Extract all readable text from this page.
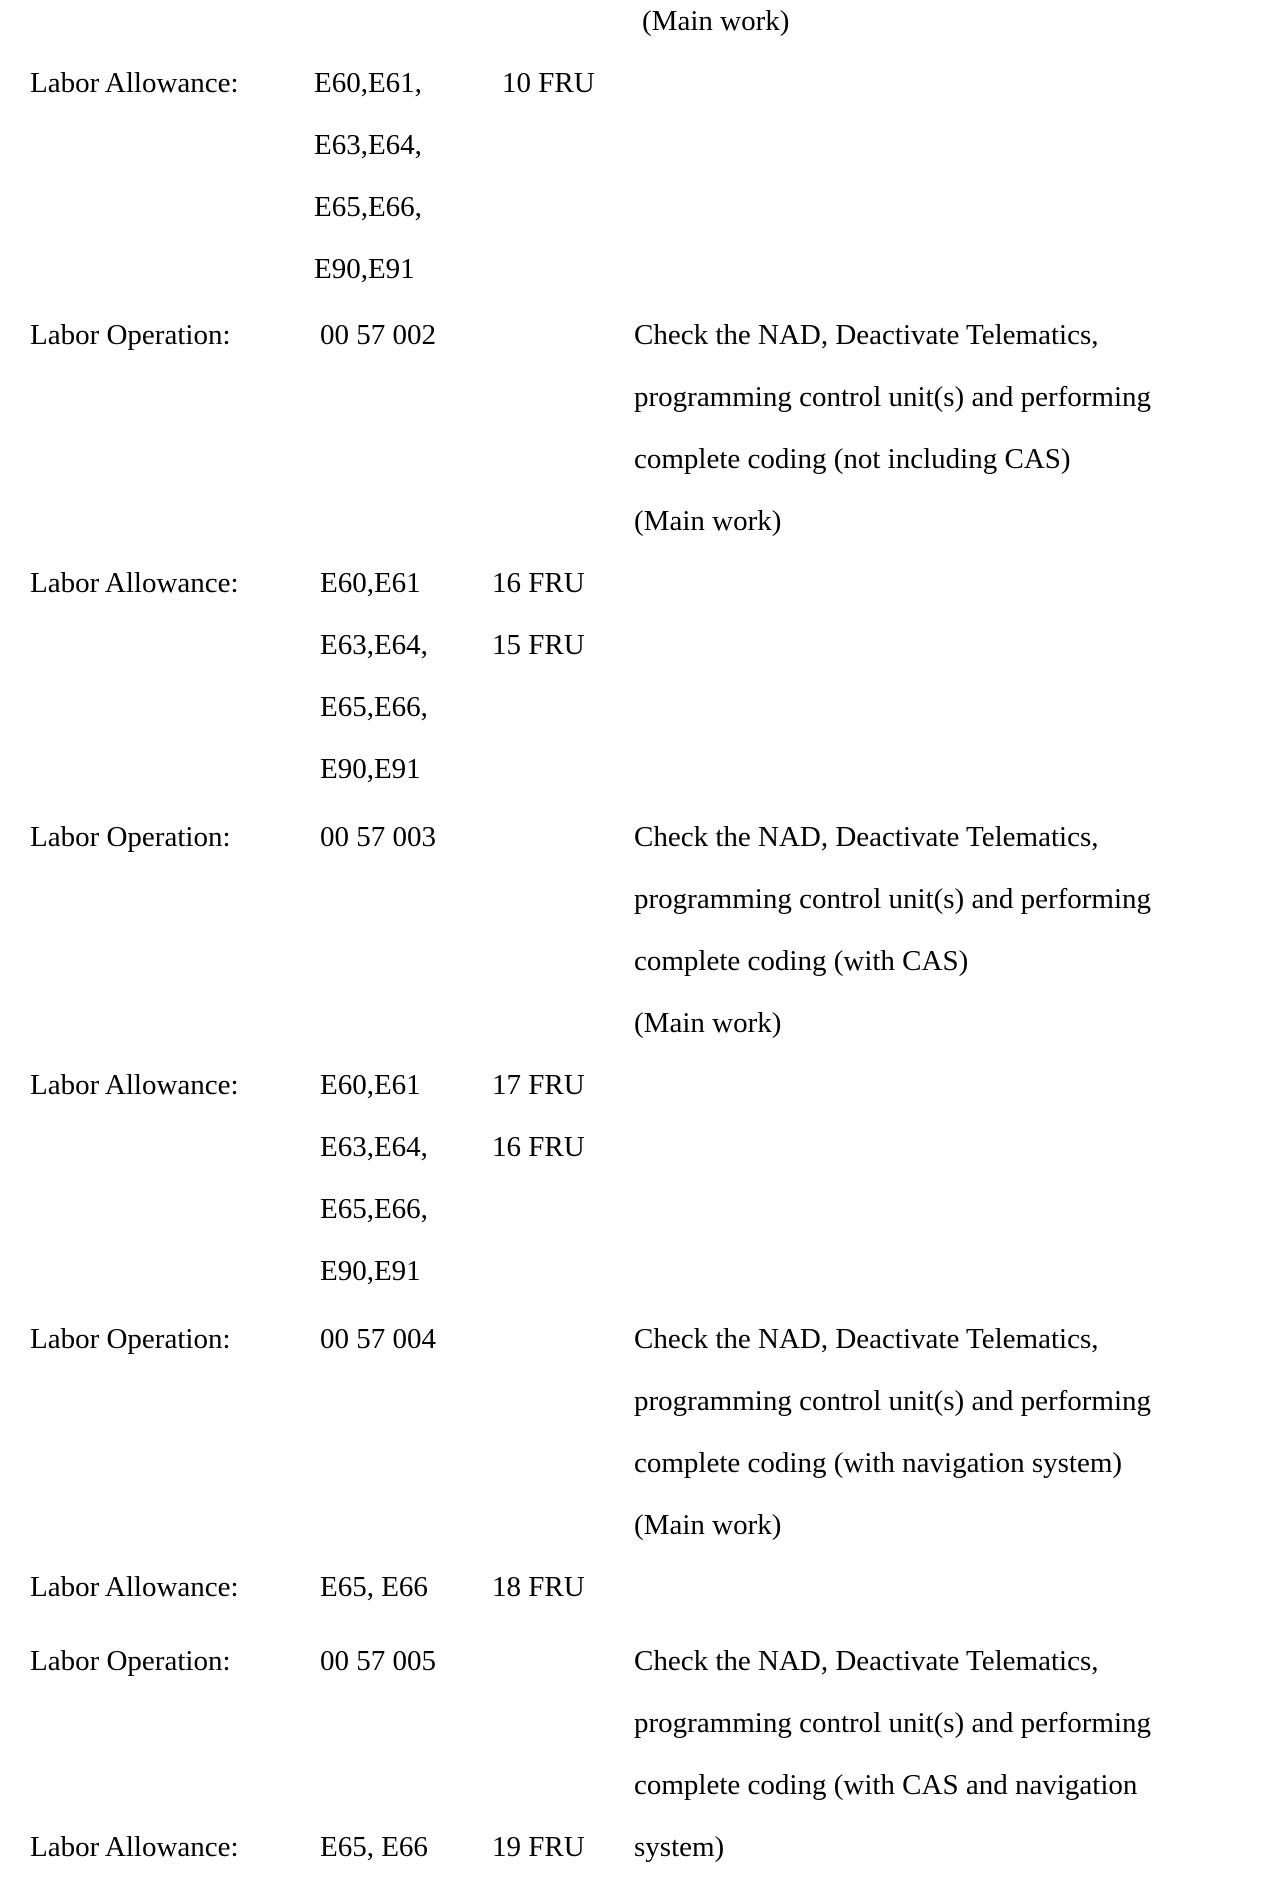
(Main work)
Labor Allowance:	E60,E61,	10 FRU
E63,E64,
E65,E66,
E90,E91
Labor Operation:	00 57 002	Check the NAD, Deactivate Telematics,
programming control unit(s) and performing
complete coding (not including CAS)
(Main work)
Labor Allowance:	E60,E61 16 FRU
E63,E64, 15 FRU
E65,E66,
E90,E91
Labor Operation:	00 57 003	Check the NAD, Deactivate Telematics,
programming control unit(s) and performing
complete coding (with CAS)
(Main work)
Labor Allowance:	E60,E61 17 FRU
E63,E64, 16 FRU
E65,E66,
E90,E91
Labor Operation:	00 57 004	Check the NAD, Deactivate Telematics,
programming control unit(s) and performing
complete coding (with navigation system)
(Main work)
Labor Allowance:	E65, E66 18 FRU
Labor Operation:	00 57 005	Check the NAD, Deactivate Telematics,
programming control unit(s) and performing
complete coding (with CAS and navigation
system)
Labor Allowance:	E65, E66 19 FRU
